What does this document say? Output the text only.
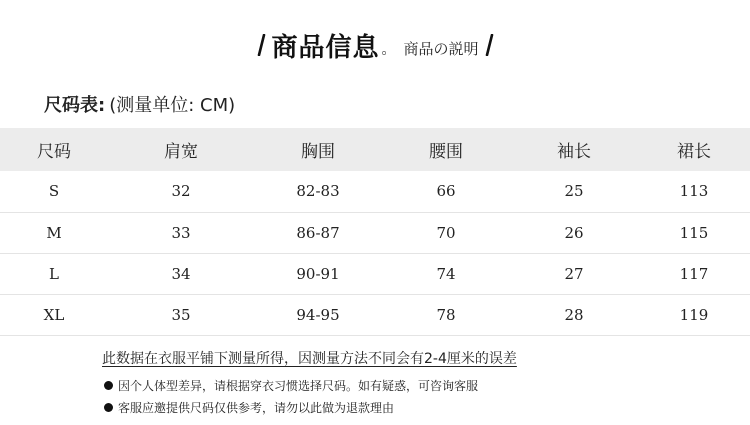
商品信息 。 商品の説明
尺码表: (测量单位: CM)
尺码	肩宽	胸围	腰围	袖长	裙长
S	32	82-83	66	25	113
M	33	86-87	70	26	115
L	34	90-91	74	27	117
XL	35	94-95	78	28	119
此数据在衣服平铺下测量所得，因测量方法不同会有2-4厘米的误差
因个人体型差异，请根据穿衣习惯选择尺码。如有疑惑，可咨询客服
客服应邀提供尺码仅供参考，请勿以此做为退款理由
